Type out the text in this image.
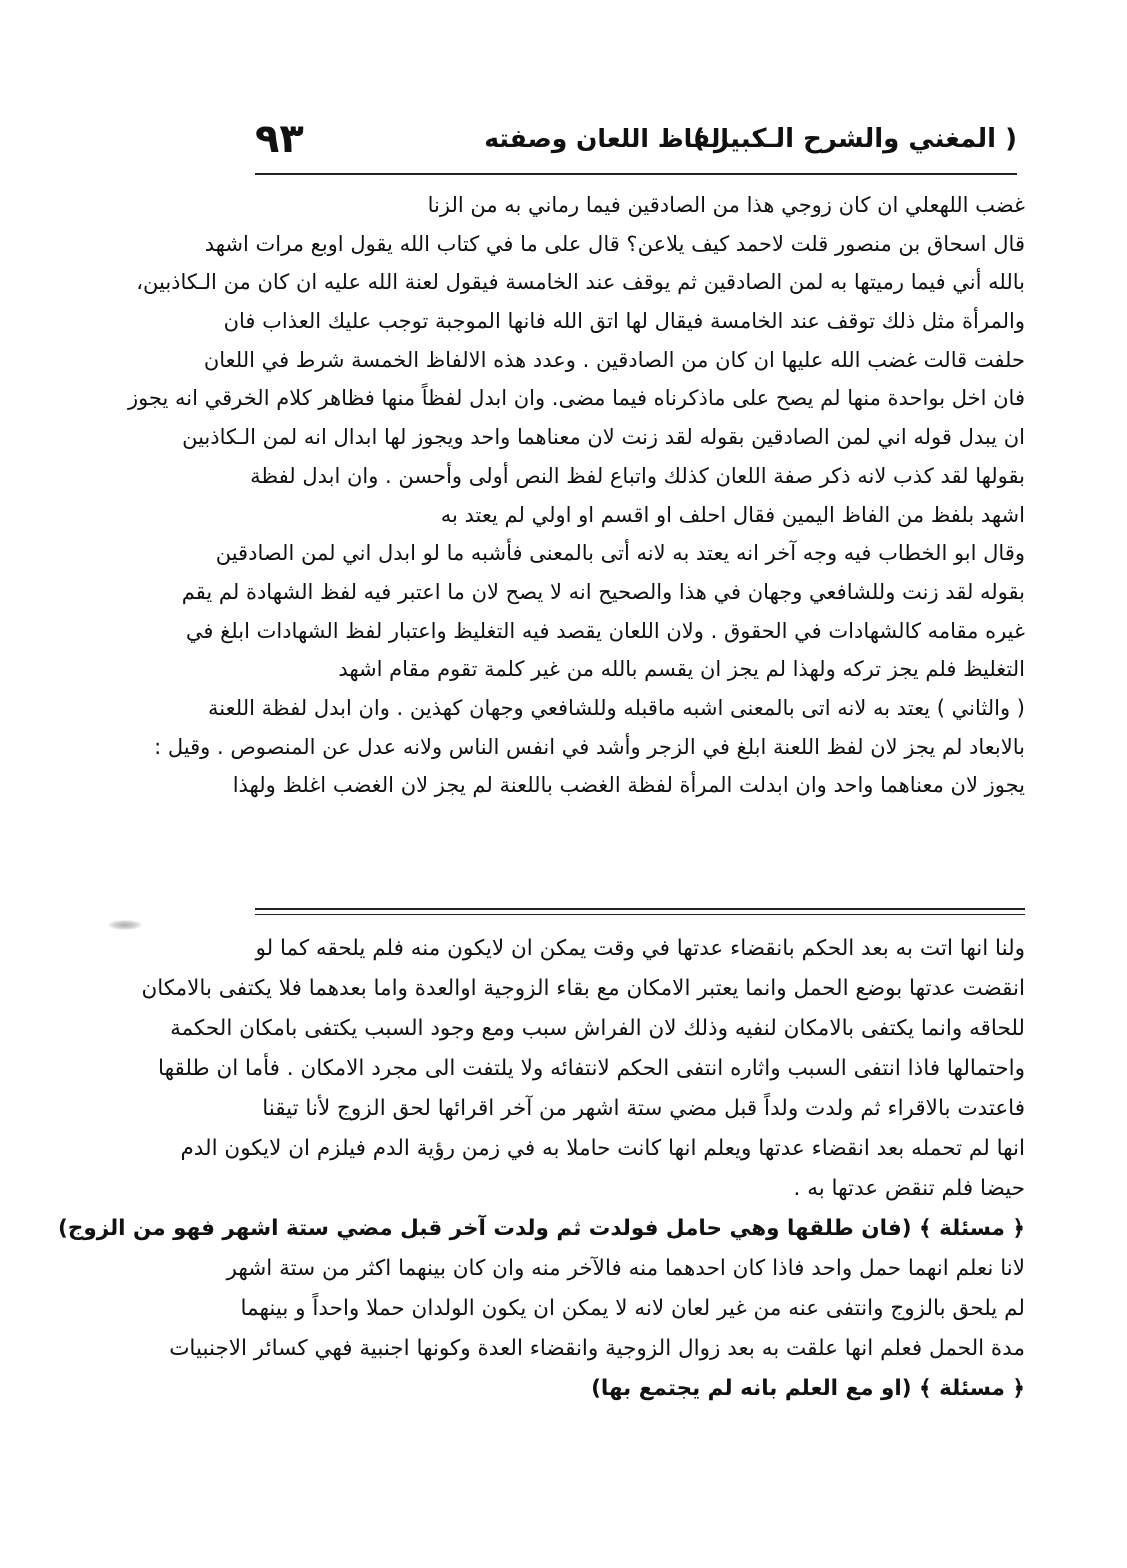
( المغني والشرح الـكبير )
الفاظ اللعان وصفته
٩٣
غضب اللهعلي ان كان زوجي هذا من الصادقين فيما رماني به من الزنا
قال اسحاق بن منصور قلت لاحمد كيف يلاعن؟ قال على ما في كتاب الله يقول اوبع مرات اشهد
بالله أني فيما رميتها به لمن الصادقين ثم يوقف عند الخامسة فيقول لعنة الله عليه ان كان من الـكاذبين،
والمرأة مثل ذلك توقف عند الخامسة فيقال لها اتق الله فانها الموجبة توجب عليك العذاب فان
حلفت قالت غضب الله عليها ان كان من الصادقين . وعدد هذه الالفاظ الخمسة شرط في اللعان
فان اخل بواحدة منها لم يصح على ماذكرناه فيما مضى. وان ابدل لفظاً منها فظاهر كلام الخرقي انه يجوز
ان يبدل قوله اني لمن الصادقين بقوله لقد زنت لان معناهما واحد ويجوز لها ابدال انه لمن الـكاذبين
بقولها لقد كذب لانه ذكر صفة اللعان كذلك واتباع لفظ النص أولى وأحسن . وان ابدل لفظة
اشهد بلفظ من الفاظ اليمين فقال احلف او اقسم او اولي لم يعتد به
وقال ابو الخطاب فيه وجه آخر انه يعتد به لانه أتى بالمعنى فأشبه ما لو ابدل اني لمن الصادقين
بقوله لقد زنت وللشافعي وجهان في هذا والصحيح انه لا يصح لان ما اعتبر فيه لفظ الشهادة لم يقم
غيره مقامه كالشهادات في الحقوق . ولان اللعان يقصد فيه التغليظ واعتبار لفظ الشهادات ابلغ في
التغليظ فلم يجز تركه ولهذا لم يجز ان يقسم بالله من غير كلمة تقوم مقام اشهد
( والثاني ) يعتد به لانه اتى بالمعنى اشبه ماقبله وللشافعي وجهان كهذين . وان ابدل لفظة اللعنة
بالابعاد لم يجز لان لفظ اللعنة ابلغ في الزجر وأشد في انفس الناس ولانه عدل عن المنصوص . وقيل :
يجوز لان معناهما واحد وان ابدلت المرأة لفظة الغضب باللعنة لم يجز لان الغضب اغلظ ولهذا
ولنا انها اتت به بعد الحكم بانقضاء عدتها في وقت يمكن ان لايكون منه فلم يلحقه كما لو
انقضت عدتها بوضع الحمل وانما يعتبر الامكان مع بقاء الزوجية اوالعدة واما بعدهما فلا يكتفى بالامكان
للحاقه وانما يكتفى بالامكان لنفيه وذلك لان الفراش سبب ومع وجود السبب يكتفى بامكان الحكمة
واحتمالها فاذا انتفى السبب واثاره انتفى الحكم لانتفائه ولا يلتفت الى مجرد الامكان . فأما ان طلقها
فاعتدت بالاقراء ثم ولدت ولداً قبل مضي ستة اشهر من آخر اقرائها لحق الزوج لأنا تيقنا
انها لم تحمله بعد انقضاء عدتها ويعلم انها كانت حاملا به في زمن رؤية الدم فيلزم ان لايكون الدم
حيضا فلم تنقض عدتها به .
﴿ مسئلة ﴾ (فان طلقها وهي حامل فولدت ثم ولدت آخر قبل مضي ستة اشهر فهو من الزوج)
لانا نعلم انهما حمل واحد فاذا كان احدهما منه فالآخر منه وان كان بينهما اكثر من ستة اشهر
لم يلحق بالزوج وانتفى عنه من غير لعان لانه لا يمكن ان يكون الولدان حملا واحداً و بينهما
مدة الحمل فعلم انها علقت به بعد زوال الزوجية وانقضاء العدة وكونها اجنبية فهي كسائر الاجنبيات
﴿ مسئلة ﴾ (او مع العلم بانه لم يجتمع بها)
